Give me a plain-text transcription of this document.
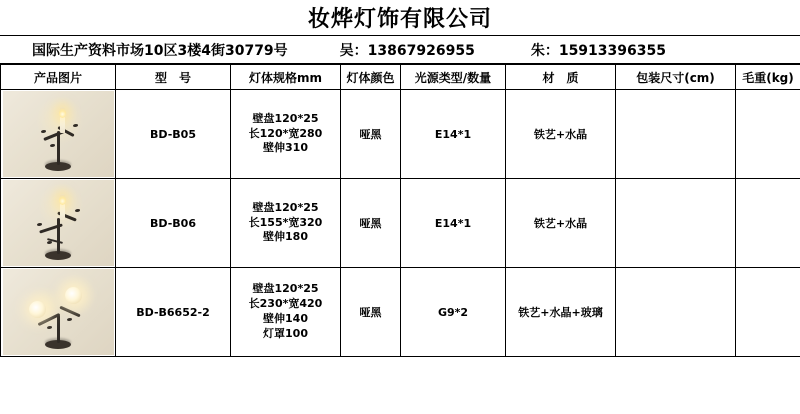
妆烨灯饰有限公司
国际生产资料市场10区3楼4街30779号	吴：13867926955	朱：15913396355
产品图片	型　号	灯体规格mm	灯体颜色	光源类型/数量	材　质	包装尺寸(cm)	毛重(kg)

	BD-B05	壁盘120*25
长120*宽280
壁伸310	哑黑	E14*1	铁艺+水晶		

	BD-B06	壁盘120*25
长155*宽320
壁伸180	哑黑	E14*1	铁艺+水晶		

	BD-B6652-2	壁盘120*25
长230*宽420
壁伸140
灯罩100	哑黑	G9*2	铁艺+水晶+玻璃		
